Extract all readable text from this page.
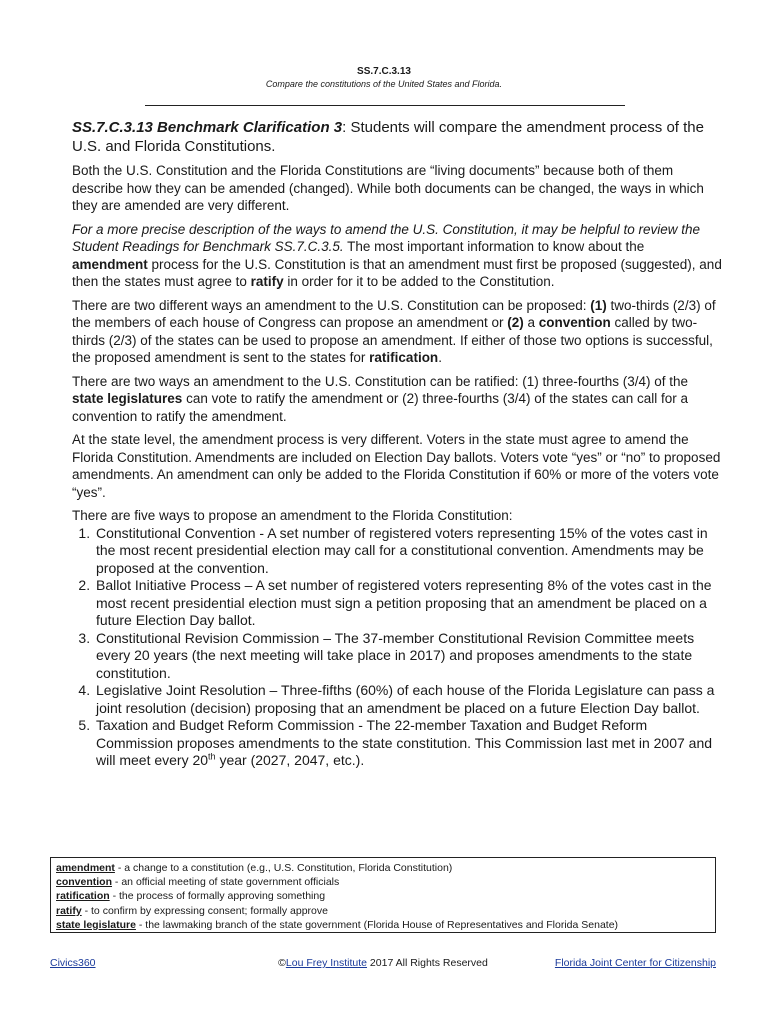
SS.7.C.3.13
Compare the constitutions of the United States and Florida.

SS.7.C.3.13 Benchmark Clarification 3: Students will compare the amendment process of the U.S. and Florida Constitutions.

Both the U.S. Constitution and the Florida Constitutions are “living documents” because both of them describe how they can be amended (changed). While both documents can be changed, the ways in which they are amended are very different.

For a more precise description of the ways to amend the U.S. Constitution, it may be helpful to review the Student Readings for Benchmark SS.7.C.3.5. The most important information to know about the amendment process for the U.S. Constitution is that an amendment must first be proposed (suggested), and then the states must agree to ratify in order for it to be added to the Constitution.

There are two different ways an amendment to the U.S. Constitution can be proposed: (1) two-thirds (2/3) of the members of each house of Congress can propose an amendment or (2) a convention called by two-thirds (2/3) of the states can be used to propose an amendment. If either of those two options is successful, the proposed amendment is sent to the states for ratification.

There are two ways an amendment to the U.S. Constitution can be ratified: (1) three-fourths (3/4) of the state legislatures can vote to ratify the amendment or (2) three-fourths (3/4) of the states can call for a convention to ratify the amendment.

At the state level, the amendment process is very different. Voters in the state must agree to amend the Florida Constitution. Amendments are included on Election Day ballots. Voters vote “yes” or “no” to proposed amendments. An amendment can only be added to the Florida Constitution if 60% or more of the voters vote “yes”.

There are five ways to propose an amendment to the Florida Constitution:

1. Constitutional Convention - A set number of registered voters representing 15% of the votes cast in the most recent presidential election may call for a constitutional convention. Amendments may be proposed at the convention.
2. Ballot Initiative Process – A set number of registered voters representing 8% of the votes cast in the most recent presidential election must sign a petition proposing that an amendment be placed on a future Election Day ballot.
3. Constitutional Revision Commission – The 37-member Constitutional Revision Committee meets every 20 years (the next meeting will take place in 2017) and proposes amendments to the state constitution.
4. Legislative Joint Resolution – Three-fifths (60%) of each house of the Florida Legislature can pass a joint resolution (decision) proposing that an amendment be placed on a future Election Day ballot.
5. Taxation and Budget Reform Commission - The 22-member Taxation and Budget Reform Commission proposes amendments to the state constitution. This Commission last met in 2007 and will meet every 20th year (2027, 2047, etc.).
amendment - a change to a constitution (e.g., U.S. Constitution, Florida Constitution)
convention - an official meeting of state government officials
ratification - the process of formally approving something
ratify - to confirm by expressing consent; formally approve
state legislature - the lawmaking branch of the state government (Florida House of Representatives and Florida Senate)
Civics360	©Lou Frey Institute 2017 All Rights Reserved	Florida Joint Center for Citizenship
